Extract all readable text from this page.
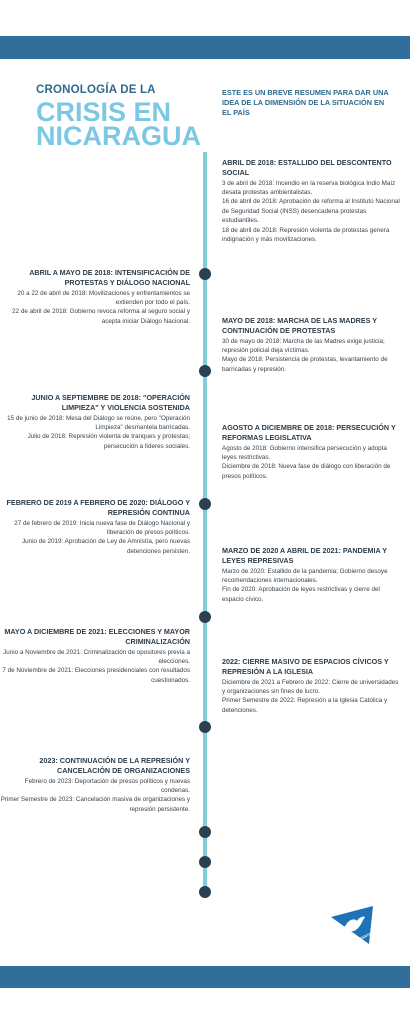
CRONOLOGÍA DE LA
CRISIS EN
NICARAGUA
ESTE ES UN BREVE RESUMEN PARA DAR UNA IDEA DE LA DIMENSIÓN DE LA SITUACIÓN EN EL PAÍS
ABRIL DE 2018: ESTALLIDO DEL DESCONTENTO SOCIAL
3 de abril de 2018: Incendio en la reserva biológica Indio Maíz desata protestas ambientalistas.
16 de abril de 2018: Aprobación de reforma al Instituto Nacional de Seguridad Social (INSS) desencadena protestas estudiantiles.
18 de abril de 2018: Represión violenta de protestas genera indignación y más movilizaciones.
ABRIL A MAYO DE 2018: INTENSIFICACIÓN DE PROTESTAS Y DIÁLOGO NACIONAL
20 a 22 de abril de 2018: Movilizaciones y enfrentamientos se extienden por todo el país.
22 de abril de 2018: Gobierno revoca reforma al seguro social y acepta iniciar Diálogo Nacional.	MAYO DE 2018: MARCHA DE LAS MADRES Y CONTINUACIÓN DE PROTESTAS
30 de mayo de 2018: Marcha de las Madres exige justicia; represión policial deja víctimas.
Mayo de 2018: Persistencia de protestas, levantamiento de barricadas y represión.
JUNIO A SEPTIEMBRE DE 2018: "OPERACIÓN LIMPIEZA" Y VIOLENCIA SOSTENIDA
15 de junio de 2018: Mesa del Diálogo se reúne, pero "Operación Limpieza" desmantela barricadas.
Julio de 2018: Represión violenta de tranques y protestas; persecución a líderes sociales.
AGOSTO A DICIEMBRE DE 2018: PERSECUCIÓN Y REFORMAS LEGISLATIVA
Agosto de 2018: Gobierno intensifica persecución y adopta leyes restrictivas.
Diciembre de 2018: Nueva fase de diálogo con liberación de presos políticos.
FEBRERO DE 2019 A FEBRERO DE 2020: DIÁLOGO Y REPRESIÓN CONTINUA
27 de febrero de 2019: Inicia nueva fase de Diálogo Nacional y liberación de presos políticos.
Junio de 2019: Aprobación de Ley de Amnistía, pero nuevas detenciones persisten.	MARZO DE 2020 A ABRIL DE 2021: PANDEMIA Y LEYES REPRESIVAS
Marzo de 2020: Estallido de la pandemia; Gobierno desoye recomendaciones internacionales.
Fin de 2020: Aprobación de leyes restrictivas y cierre del espacio cívico.
MAYO A DICIEMBRE DE 2021: ELECCIONES Y MAYOR CRIMINALIZACIÓN
Junio a Noviembre de 2021: Criminalización de opositores previa a elecciones.
7 de Noviembre de 2021: Elecciones presidenciales con resultados cuestionados.
2022: CIERRE MASIVO DE ESPACIOS CÍVICOS Y REPRESIÓN A LA IGLESIA
Diciembre de 2021 a Febrero de 2022: Cierre de universidades y organizaciones sin fines de lucro.
Primer Semestre de 2022: Represión a la Iglesia Católica y detenciones.
2023: CONTINUACIÓN DE LA REPRESIÓN Y CANCELACIÓN DE ORGANIZACIONES
Febrero de 2023: Deportación de presos políticos y nuevas condenas.
Primer Semestre de 2023: Cancelación masiva de organizaciones y represión persistente.
NICARAGUA
RESISTE
